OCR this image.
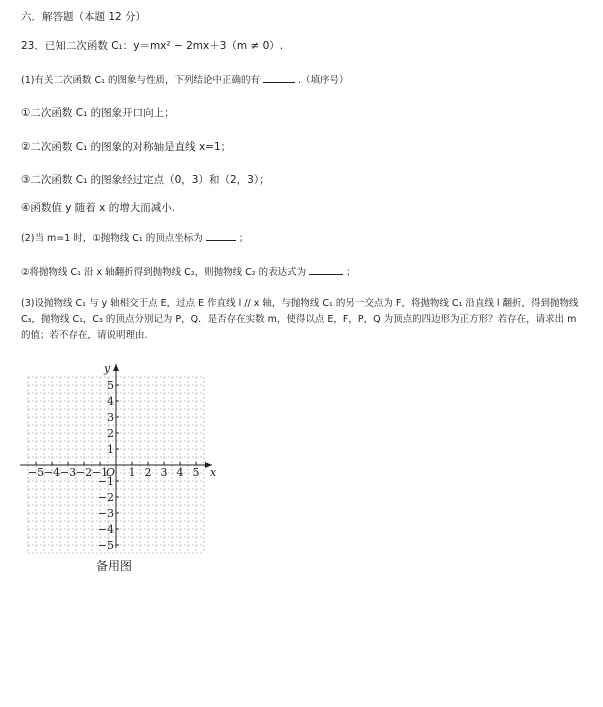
六．解答题（本题 12 分）
23．已知二次函数 C₁：y＝mx² − 2mx＋3（m ≠ 0）.
(1)有关二次函数 C₁ 的图象与性质，下列结论中正确的有	.（填序号）
①二次函数 C₁ 的图象开口向上；
②二次函数 C₁ 的图象的对称轴是直线 x=1；
③二次函数 C₁ 的图象经过定点（0，3）和（2，3）；
④函数值 y 随着 x 的增大而减小.
(2)当 m=1 时，①抛物线 C₁ 的顶点坐标为	；
②将抛物线 C₁ 沿 x 轴翻折得到抛物线 C₂，则抛物线 C₂ 的表达式为	；
(3)设抛物线 C₁ 与 y 轴相交于点 E，过点 E 作直线 l // x 轴，与抛物线 C₁ 的另一交点为 F，将抛物线 C₁ 沿直线 l 翻折，得到抛物线 C₃，抛物线 C₁，C₃ 的顶点分别记为 P，Q．是否存在实数 m，使得以点 E，F，P，Q 为顶点的四边形为正方形？若存在，请求出 m 的值；若不存在，请说明理由.
−5 −4 −3 −2 −1 1 2 3 4 5
1
2
3
4
5
−1
−2
−3
−4
−5
x
y
O
备用图
